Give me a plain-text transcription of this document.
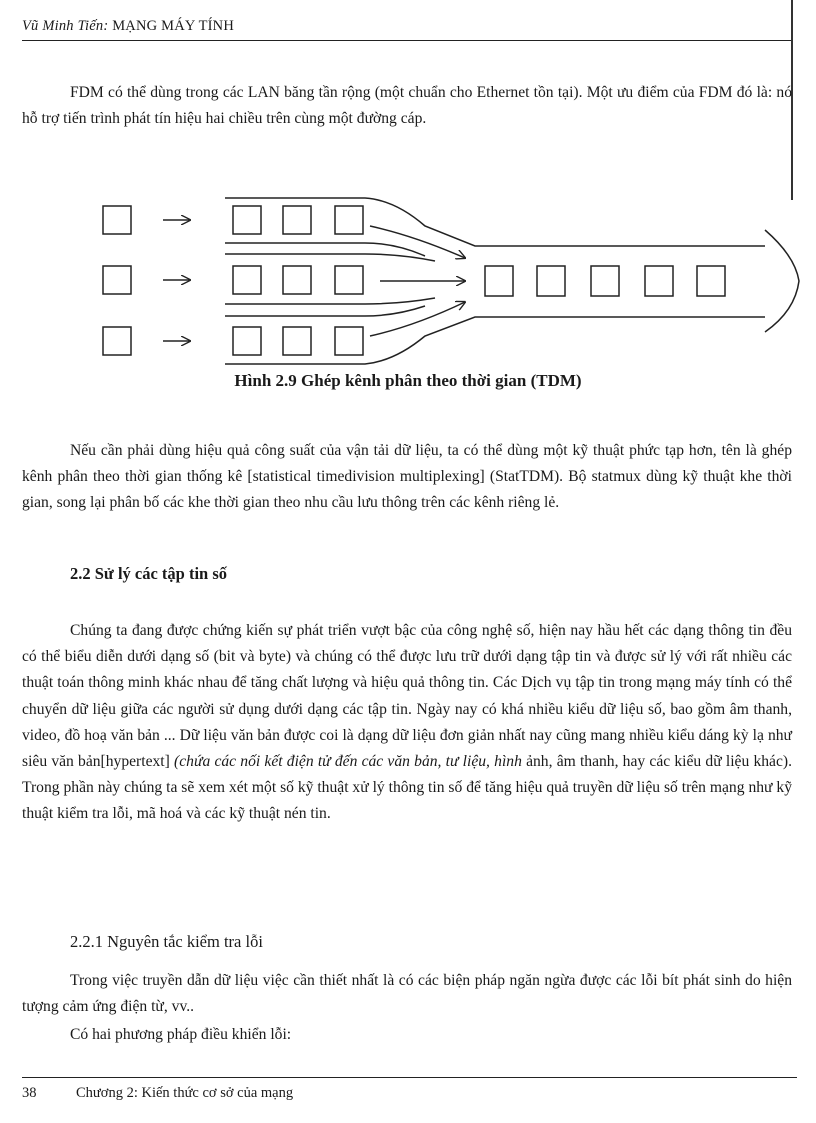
Vũ Minh Tiến: MẠNG MÁY TÍNH

FDM có thể dùng trong các LAN băng tần rộng (một chuẩn cho Ethernet tồn tại). Một ưu điểm của FDM đó là: nó hỗ trợ tiến trình phát tín hiệu hai chiều trên cùng một đường cáp.

Hình 2.9 Ghép kênh phân theo thời gian (TDM)

Nếu cần phải dùng hiệu quả công suất của vận tải dữ liệu, ta có thể dùng một kỹ thuật phức tạp hơn, tên là ghép kênh phân theo thời gian thống kê [statistical timedivision multiplexing] (StatTDM). Bộ statmux dùng kỹ thuật khe thời gian, song lại phân bố các khe thời gian theo nhu cầu lưu thông trên các kênh riêng lẻ.

2.2 Sử lý các tập tin số

Chúng ta đang được chứng kiến sự phát triển vượt bậc của công nghệ số, hiện nay hầu hết các dạng thông tin đều có thể biểu diễn dưới dạng số (bit và byte) và chúng có thể được lưu trữ dưới dạng tập tin và được sử lý với rất nhiều các thuật toán thông minh khác nhau để tăng chất lượng và hiệu quả thông tin. Các Dịch vụ tập tin trong mạng máy tính có thể chuyển dữ liệu giữa các người sử dụng dưới dạng các tập tin. Ngày nay có khá nhiều kiểu dữ liệu số, bao gồm âm thanh, video, đồ hoạ văn bản ... Dữ liệu văn bản được coi là dạng dữ liệu đơn giản nhất nay cũng mang nhiều kiểu dáng kỳ lạ như siêu văn bản[hypertext] (chứa các nối kết điện tử đến các văn bản, tư liệu, hình ảnh, âm thanh, hay các kiểu dữ liệu khác). Trong phần này chúng ta sẽ xem xét một số kỹ thuật xử lý thông tin số để tăng hiệu quả truyền dữ liệu số trên mạng như kỹ thuật kiểm tra lỗi, mã hoá và các kỹ thuật nén tin.

2.2.1 Nguyên tắc kiểm tra lỗi

Trong việc truyền dẫn dữ liệu việc cần thiết nhất là có các biện pháp ngăn ngừa được các lỗi bít phát sinh do hiện tượng cảm ứng điện từ, vv..

Có hai phương pháp điều khiển lỗi:

38	Chương 2: Kiến thức cơ sở của mạng
